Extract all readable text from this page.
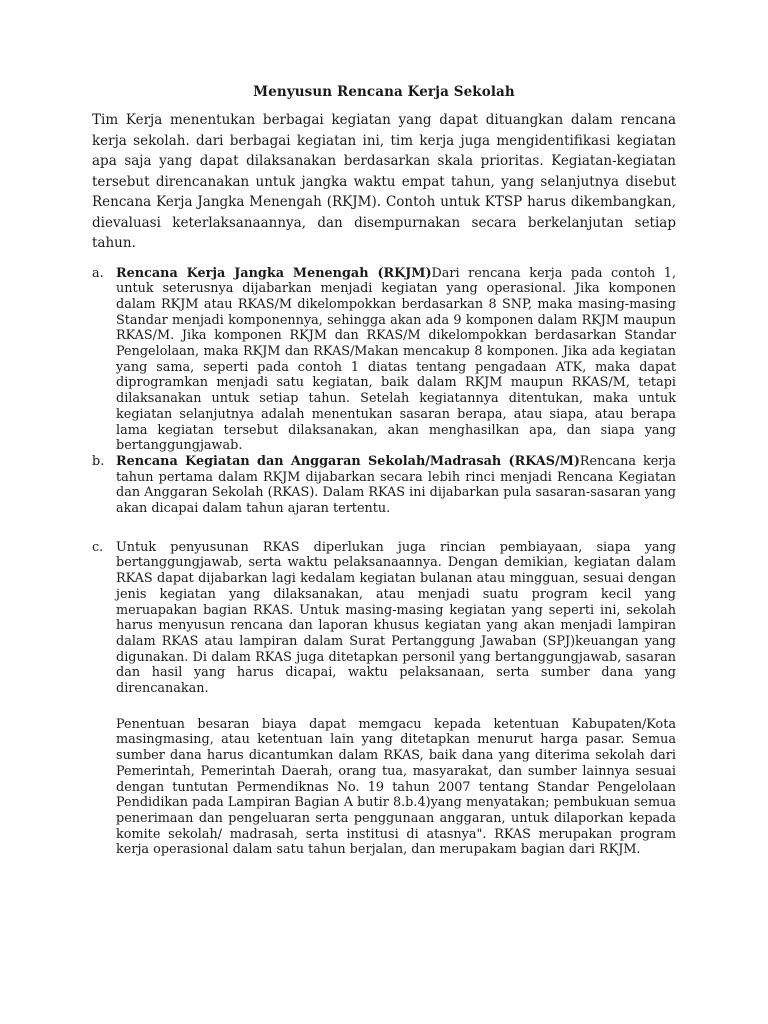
Menyusun Rencana Kerja Sekolah

Tim Kerja menentukan berbagai kegiatan yang dapat dituangkan dalam rencana kerja sekolah. dari berbagai kegiatan ini, tim kerja juga mengidentifikasi kegiatan apa saja yang dapat dilaksanakan berdasarkan skala prioritas. Kegiatan-kegiatan tersebut direncanakan untuk jangka waktu empat tahun, yang selanjutnya disebut Rencana Kerja Jangka Menengah (RKJM). Contoh untuk KTSP harus dikembangkan, dievaluasi keterlaksanaannya, dan disempurnakan secara berkelanjutan setiap tahun.

a. Rencana Kerja Jangka Menengah (RKJM)Dari rencana kerja pada contoh 1, untuk seterusnya dijabarkan menjadi kegiatan yang operasional. Jika komponen dalam RKJM atau RKAS/M dikelompokkan berdasarkan 8 SNP, maka masing-masing Standar menjadi komponennya, sehingga akan ada 9 komponen dalam RKJM maupun RKAS/M. Jika komponen RKJM dan RKAS/M dikelompokkan berdasarkan Standar Pengelolaan, maka RKJM dan RKAS/Makan mencakup 8 komponen. Jika ada kegiatan yang sama, seperti pada contoh 1 diatas tentang pengadaan ATK, maka dapat diprogramkan menjadi satu kegiatan, baik dalam RKJM maupun RKAS/M, tetapi dilaksanakan untuk setiap tahun. Setelah kegiatannya ditentukan, maka untuk kegiatan selanjutnya adalah menentukan sasaran berapa, atau siapa, atau berapa lama kegiatan tersebut dilaksanakan, akan menghasilkan apa, dan siapa yang bertanggungjawab.
b. Rencana Kegiatan dan Anggaran Sekolah/Madrasah (RKAS/M)Rencana kerja tahun pertama dalam RKJM dijabarkan secara lebih rinci menjadi Rencana Kegiatan dan Anggaran Sekolah (RKAS). Dalam RKAS ini dijabarkan pula sasaran-sasaran yang akan dicapai dalam tahun ajaran tertentu.
c. Untuk penyusunan RKAS diperlukan juga rincian pembiayaan, siapa yang bertanggungjawab, serta waktu pelaksanaannya. Dengan demikian, kegiatan dalam RKAS dapat dijabarkan lagi kedalam kegiatan bulanan atau mingguan, sesuai dengan jenis kegiatan yang dilaksanakan, atau menjadi suatu program kecil yang meruapakan bagian RKAS. Untuk masing-masing kegiatan yang seperti ini, sekolah harus menyusun rencana dan laporan khusus kegiatan yang akan menjadi lampiran dalam RKAS atau lampiran dalam Surat Pertanggung Jawaban (SPJ)keuangan yang digunakan. Di dalam RKAS juga ditetapkan personil yang bertanggungjawab, sasaran dan hasil yang harus dicapai, waktu pelaksanaan, serta sumber dana yang direncanakan.

Penentuan besaran biaya dapat memgacu kepada ketentuan Kabupaten/Kota masingmasing, atau ketentuan lain yang ditetapkan menurut harga pasar. Semua sumber dana harus dicantumkan dalam RKAS, baik dana yang diterima sekolah dari Pemerintah, Pemerintah Daerah, orang tua, masyarakat, dan sumber lainnya sesuai dengan tuntutan Permendiknas No. 19 tahun 2007 tentang Standar Pengelolaan Pendidikan pada Lampiran Bagian A butir 8.b.4)yang menyatakan; pembukuan semua penerimaan dan pengeluaran serta penggunaan anggaran, untuk dilaporkan kepada komite sekolah/ madrasah, serta institusi di atasnya". RKAS merupakan program kerja operasional dalam satu tahun berjalan, dan merupakam bagian dari RKJM.
